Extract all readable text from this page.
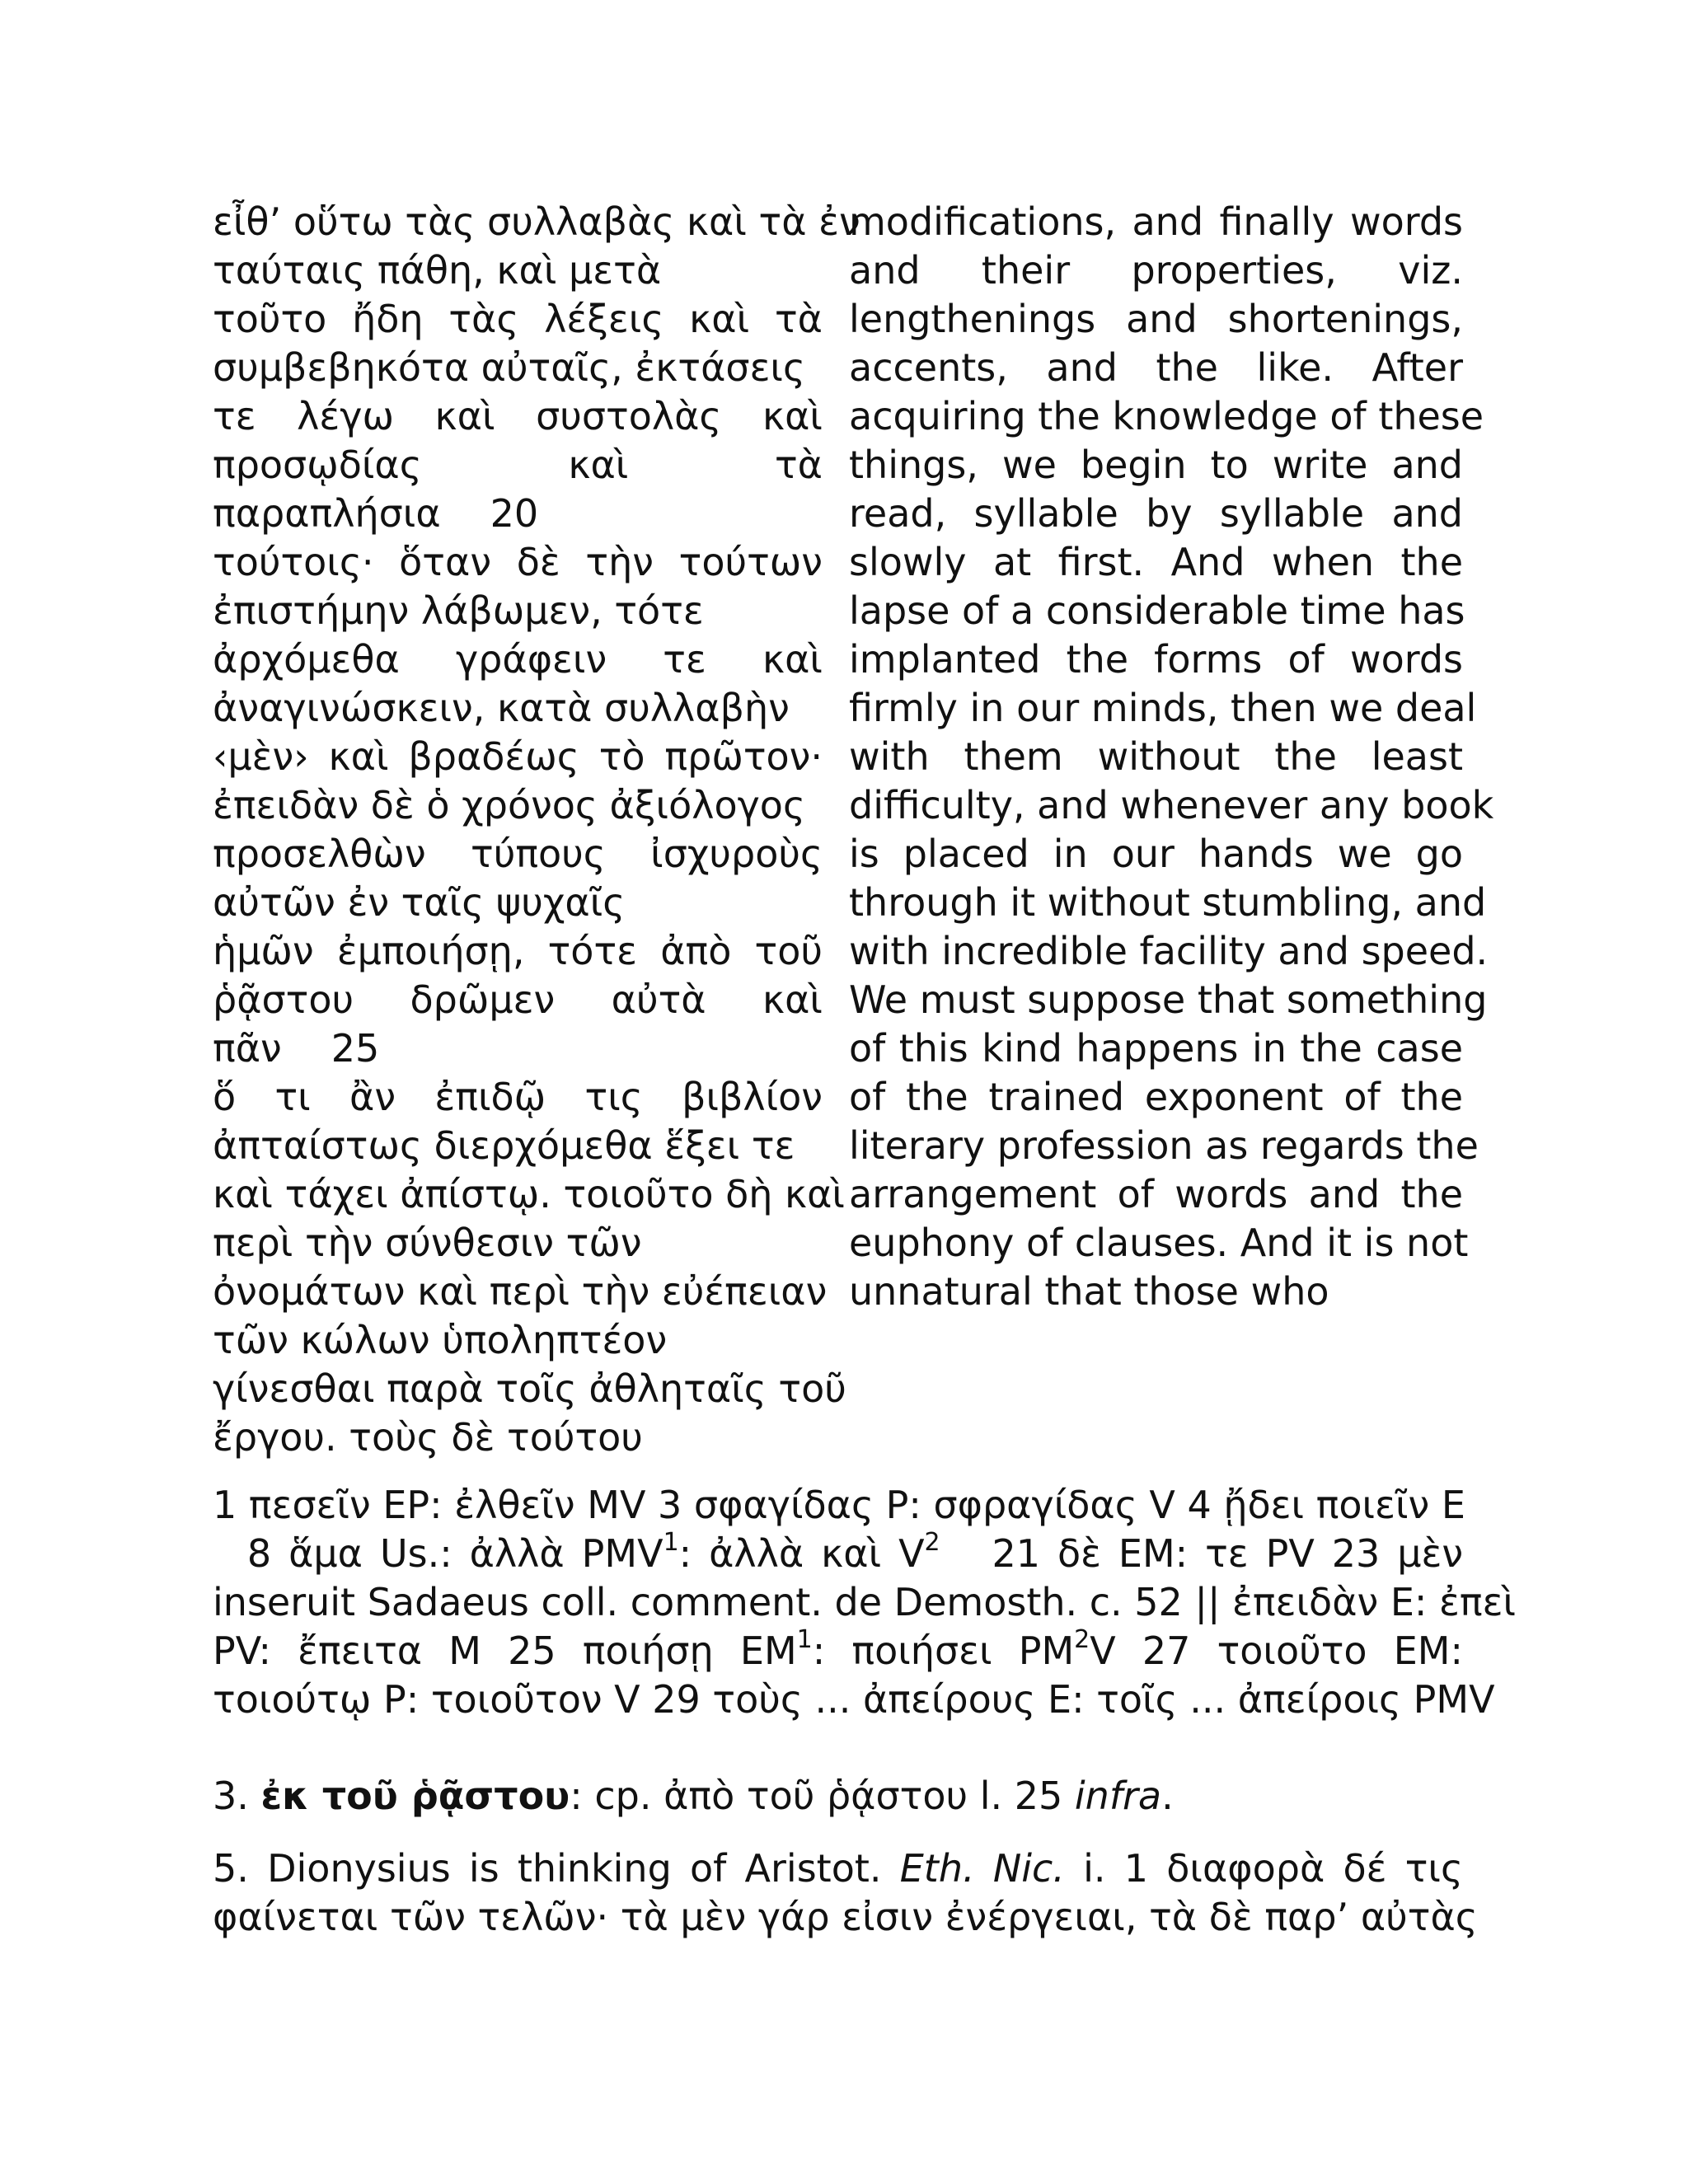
εἶθ’ οὕτω τὰς συλλαβὰς καὶ τὰ ἐν
ταύταις πάθη, καὶ μετὰ
τοῦτο ἤδη τὰς λέξεις καὶ τὰ
συμβεβηκότα αὐταῖς, ἐκτάσεις
τε λέγω καὶ συστολὰς καὶ
προσῳδίας καὶ τὰ
παραπλήσια 20
τούτοις· ὅταν δὲ τὴν τούτων
ἐπιστήμην λάβωμεν, τότε
ἀρχόμεθα γράφειν τε καὶ
ἀναγινώσκειν, κατὰ συλλαβὴν
‹μὲν› καὶ βραδέως τὸ πρῶτον·
ἐπειδὰν δὲ ὁ χρόνος ἀξιόλογος
προσελθὼν τύπους ἰσχυροὺς
αὐτῶν ἐν ταῖς ψυχαῖς
ἡμῶν ἐμποιήσῃ, τότε ἀπὸ τοῦ
ῥᾷστου δρῶμεν αὐτὰ καὶ
πᾶν 25
ὅ τι ἂν ἐπιδῷ τις βιβλίον
ἀπταίστως διερχόμεθα ἕξει τε
καὶ τάχει ἀπίστῳ. τοιοῦτο δὴ καὶ
περὶ τὴν σύνθεσιν τῶν
ὀνομάτων καὶ περὶ τὴν εὐέπειαν
τῶν κώλων ὑποληπτέον
γίνεσθαι παρὰ τοῖς ἀθληταῖς τοῦ
ἔργου. τοὺς δὲ τούτου
modifications, and finally words
and their properties, viz.
lengthenings and shortenings,
accents, and the like. After
acquiring the knowledge of these
things, we begin to write and
read, syllable by syllable and
slowly at first. And when the
lapse of a considerable time has
implanted the forms of words
firmly in our minds, then we deal
with them without the least
difficulty, and whenever any book
is placed in our hands we go
through it without stumbling, and
with incredible facility and speed.
We must suppose that something
of this kind happens in the case
of the trained exponent of the
literary profession as regards the
arrangement of words and the
euphony of clauses. And it is not
unnatural that those who
1 πεσεῖν EP: ἐλθεῖν MV 3 σφαγίδας P: σφραγίδας V 4 ᾔδει ποιεῖν E
8 ἅμα Us.: ἀλλὰ PMV$^1$: ἀλλὰ καὶ $V^2$ 21 δὲ EM: τε PV 23 μὲν
inseruit Sadaeus coll. comment. de Demosth. c. 52 || ἐπειδὰν E: ἐπεὶ
PV: ἔπειτα M 25 ποιήσῃ $EM^1$: ποιήσει $PM^2V$ 27 τοιοῦτο EM:
τοιούτῳ P: τοιοῦτον V 29 τοὺς ... ἀπείρους E: τοῖς ... ἀπείροις PMV
3. ἐκ τοῦ ῥᾷστου: cp. ἀπὸ τοῦ ῥᾴστου l. 25 infra.
5. Dionysius is thinking of Aristot. Eth. Nic. i. 1 διαφορὰ δέ τις
φαίνεται τῶν τελῶν· τὰ μὲν γάρ εἰσιν ἐνέργειαι, τὰ δὲ παρ’ αὐτὰς
